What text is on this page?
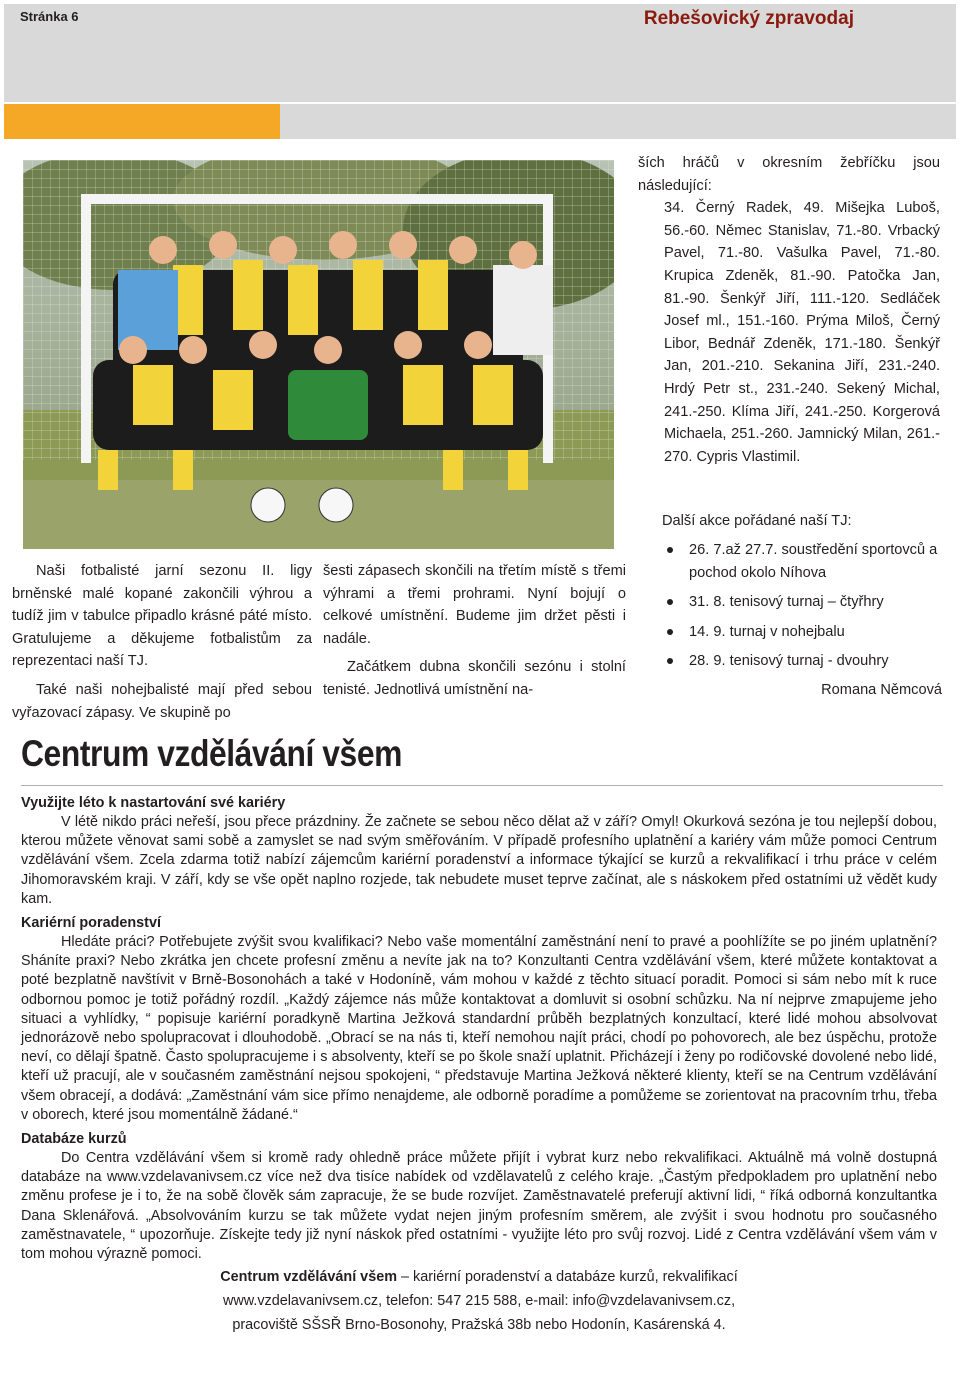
Stránka 6	Rebešovický zpravodaj

ších hráčů v okresním žebříčku jsou následující:

34. Černý Radek, 49. Mišejka Luboš, 56.-60. Němec Stanislav, 71.-80. Vrbacký Pavel, 71.-80. Vašulka Pavel, 71.-80. Krupica Zdeněk, 81.-90. Patočka Jan, 81.-90. Šenkýř Jiří, 111.-120. Sedláček Josef ml., 151.-160. Prýma Miloš, Černý Libor, Bednář Zdeněk, 171.-180. Šenkýř Jan, 201.-210. Sekanina Jiří, 231.-240. Hrdý Petr st., 231.-240. Sekený Michal, 241.-250. Klíma Jiří, 241.-250. Korgerová Michaela, 251.-260. Jamnický Milan, 261.- 270. Cypris Vlastimil.

Naši fotbalisté jarní sezonu II. ligy brněnské malé kopané zakončili výhrou a tudíž jim v tabulce připadlo krásné páté místo. Gratulujeme a děkujeme fotbalistům za reprezentaci naší TJ.

Také naši nohejbalisté mají před sebou vyřazovací zápasy. Ve skupině po

šesti zápasech skončili na třetím místě s třemi výhrami a třemi prohrami. Nyní bojují o celkové umístnění. Budeme jim držet pěsti i nadále.

Začátkem dubna skončili sezónu i stolní tenisté. Jednotlivá umístnění na-

Další akce pořádané naší TJ:
26. 7.až 27.7. soustředění sportovců a pochod okolo Níhova
31. 8. tenisový turnaj – čtyřhry
14. 9. turnaj v nohejbalu
28. 9. tenisový turnaj - dvouhry
Romana Němcová
Centrum vzdělávání všem
Využijte léto k nastartování své kariéry

V létě nikdo práci neřeší, jsou přece prázdniny. Že začnete se sebou něco dělat až v září? Omyl! Okurková sezóna je tou nejlepší dobou, kterou můžete věnovat sami sobě a zamyslet se nad svým směřováním. V případě profesního uplatnění a kariéry vám může pomoci Centrum vzdělávání všem. Zcela zdarma totiž nabízí zájemcům kariérní poradenství a informace týkající se kurzů a rekvalifikací i trhu práce v celém Jihomoravském kraji. V září, kdy se vše opět naplno rozjede, tak nebudete muset teprve začínat, ale s náskokem před ostatními už vědět kudy kam.

Kariérní poradenství

Hledáte práci? Potřebujete zvýšit svou kvalifikaci? Nebo vaše momentální zaměstnání není to pravé a poohlížíte se po jiném uplatnění? Sháníte praxi? Nebo zkrátka jen chcete profesní změnu a nevíte jak na to? Konzultanti Centra vzdělávání všem, které můžete kontaktovat a poté bezplatně navštívit v Brně-Bosonohách a také v Hodoníně, vám mohou v každé z těchto situací poradit. Pomoci si sám nebo mít k ruce odbornou pomoc je totiž pořádný rozdíl. „Každý zájemce nás může kontaktovat a domluvit si osobní schůzku. Na ní nejprve zmapujeme jeho situaci a vyhlídky, “ popisuje kariérní poradkyně Martina Ježková standardní průběh bezplatných konzultací, které lidé mohou absolvovat jednorázově nebo spolupracovat i dlouhodobě. „Obrací se na nás ti, kteří nemohou najít práci, chodí po pohovorech, ale bez úspěchu, protože neví, co dělají špatně. Často spolupracujeme i s absolventy, kteří se po škole snaží uplatnit. Přicházejí i ženy po rodičovské dovolené nebo lidé, kteří už pracují, ale v současném zaměstnání nejsou spokojeni, “ představuje Martina Ježková některé klienty, kteří se na Centrum vzdělávání všem obracejí, a dodává: „Zaměstnání vám sice přímo nenajdeme, ale odborně poradíme a pomůžeme se zorientovat na pracovním trhu, třeba v oborech, které jsou momentálně žádané.“

Databáze kurzů

Do Centra vzdělávání všem si kromě rady ohledně práce můžete přijít i vybrat kurz nebo rekvalifikaci. Aktuálně má volně dostupná databáze na www.vzdelavanivsem.cz více než dva tisíce nabídek od vzdělavatelů z celého kraje. „Častým předpokladem pro uplatnění nebo změnu profese je i to, že na sobě člověk sám zapracuje, že se bude rozvíjet. Zaměstnavatelé preferují aktivní lidi, “ říká odborná konzultantka Dana Sklenářová. „Absolvováním kurzu se tak můžete vydat nejen jiným profesním směrem, ale zvýšit i svou hodnotu pro současného zaměstnavatele, “ upozorňuje. Získejte tedy již nyní náskok před ostatními - využijte léto pro svůj rozvoj. Lidé z Centra vzdělávání všem vám v tom mohou výrazně pomoci.

Centrum vzdělávání všem – kariérní poradenství a databáze kurzů, rekvalifikací
www.vzdelavanivsem.cz, telefon: 547 215 588, e-mail: info@vzdelavanivsem.cz,
pracoviště SŠSŘ Brno-Bosonohy, Pražská 38b nebo Hodonín, Kasárenská 4.
